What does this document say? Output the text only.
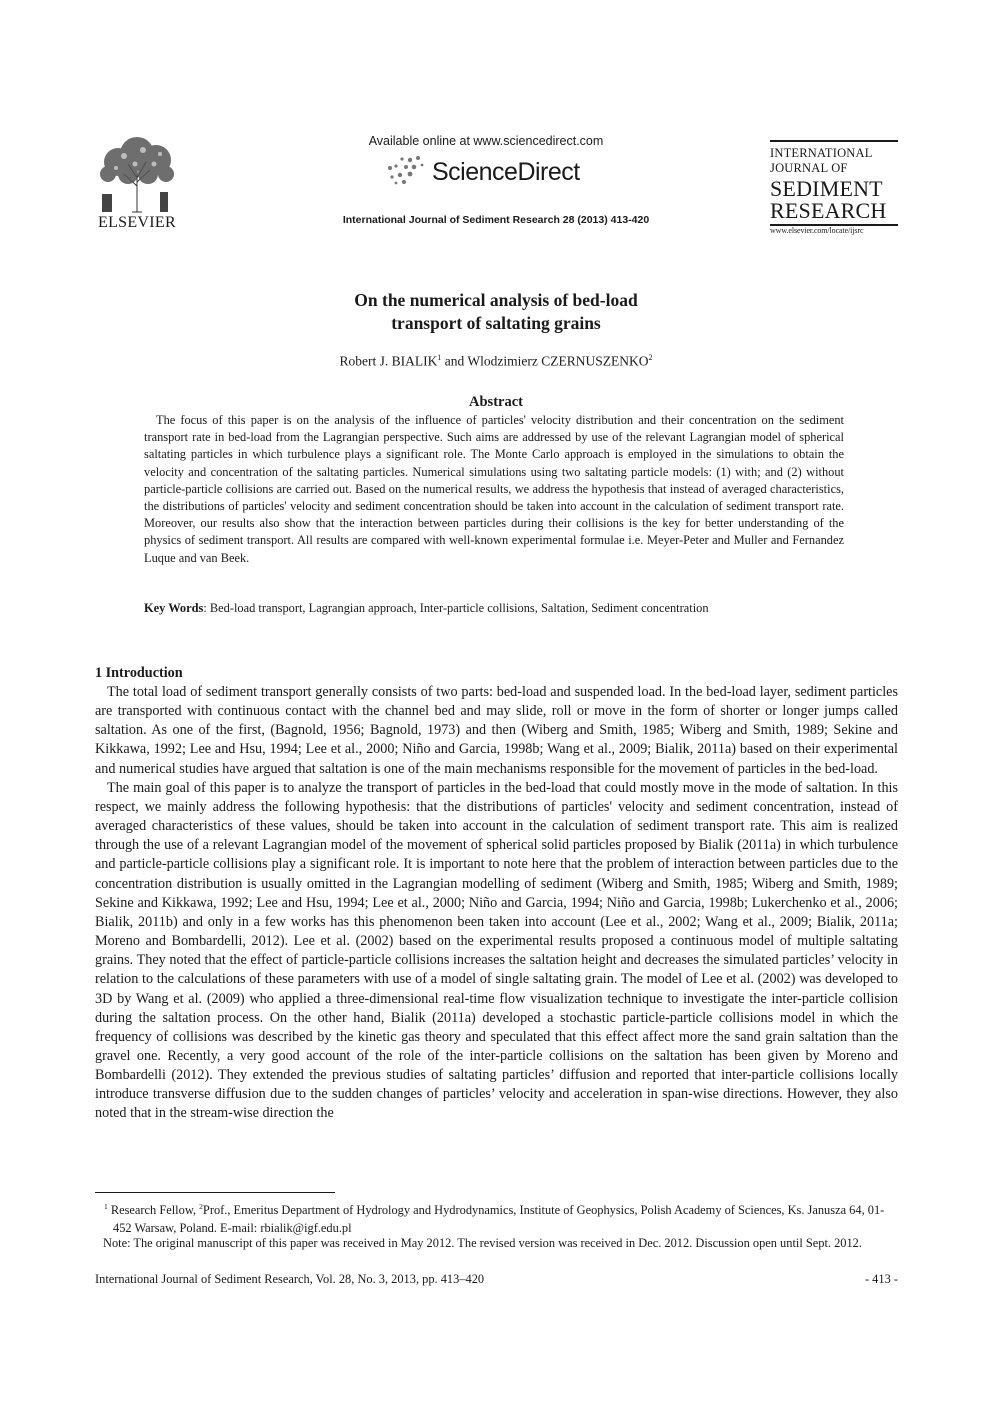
ELSEVIER
Available online at www.sciencedirect.com
ScienceDirect
International Journal of Sediment Research 28 (2013) 413-420
INTERNATIONAL
JOURNAL OF
SEDIMENT
RESEARCH
www.elsevier.com/locate/ijsrc
On the numerical analysis of bed-load
transport of saltating grains
Robert J. BIALIK$^1$ and Wlodzimierz CZERNUSZENKO$^2$
Abstract
The focus of this paper is on the analysis of the influence of particles' velocity distribution and their concentration on the sediment transport rate in bed-load from the Lagrangian perspective. Such aims are addressed by use of the relevant Lagrangian model of spherical saltating particles in which turbulence plays a significant role. The Monte Carlo approach is employed in the simulations to obtain the velocity and concentration of the saltating particles. Numerical simulations using two saltating particle models: (1) with; and (2) without particle-particle collisions are carried out. Based on the numerical results, we address the hypothesis that instead of averaged characteristics, the distributions of particles' velocity and sediment concentration should be taken into account in the calculation of sediment transport rate. Moreover, our results also show that the interaction between particles during their collisions is the key for better understanding of the physics of sediment transport. All results are compared with well-known experimental formulae i.e. Meyer-Peter and Muller and Fernandez Luque and van Beek.
Key Words: Bed-load transport, Lagrangian approach, Inter-particle collisions, Saltation, Sediment concentration
1 Introduction

The total load of sediment transport generally consists of two parts: bed-load and suspended load. In the bed-load layer, sediment particles are transported with continuous contact with the channel bed and may slide, roll or move in the form of shorter or longer jumps called saltation. As one of the first, (Bagnold, 1956; Bagnold, 1973) and then (Wiberg and Smith, 1985; Wiberg and Smith, 1989; Sekine and Kikkawa, 1992; Lee and Hsu, 1994; Lee et al., 2000; Niño and Garcia, 1998b; Wang et al., 2009; Bialik, 2011a) based on their experimental and numerical studies have argued that saltation is one of the main mechanisms responsible for the movement of particles in the bed-load.

The main goal of this paper is to analyze the transport of particles in the bed-load that could mostly move in the mode of saltation. In this respect, we mainly address the following hypothesis: that the distributions of particles' velocity and sediment concentration, instead of averaged characteristics of these values, should be taken into account in the calculation of sediment transport rate. This aim is realized through the use of a relevant Lagrangian model of the movement of spherical solid particles proposed by Bialik (2011a) in which turbulence and particle-particle collisions play a significant role. It is important to note here that the problem of interaction between particles due to the concentration distribution is usually omitted in the Lagrangian modelling of sediment (Wiberg and Smith, 1985; Wiberg and Smith, 1989; Sekine and Kikkawa, 1992; Lee and Hsu, 1994; Lee et al., 2000; Niño and Garcia, 1994; Niño and Garcia, 1998b; Lukerchenko et al., 2006; Bialik, 2011b) and only in a few works has this phenomenon been taken into account (Lee et al., 2002; Wang et al., 2009; Bialik, 2011a; Moreno and Bombardelli, 2012). Lee et al. (2002) based on the experimental results proposed a continuous model of multiple saltating grains. They noted that the effect of particle-particle collisions increases the saltation height and decreases the simulated particles’ velocity in relation to the calculations of these parameters with use of a model of single saltating grain. The model of Lee et al. (2002) was developed to 3D by Wang et al. (2009) who applied a three-dimensional real-time flow visualization technique to investigate the inter-particle collision during the saltation process. On the other hand, Bialik (2011a) developed a stochastic particle-particle collisions model in which the frequency of collisions was described by the kinetic gas theory and speculated that this effect affect more the sand grain saltation than the gravel one. Recently, a very good account of the role of the inter-particle collisions on the saltation has been given by Moreno and Bombardelli (2012). They extended the previous studies of saltating particles’ diffusion and reported that inter-particle collisions locally introduce transverse diffusion due to the sudden changes of particles’ velocity and acceleration in span-wise directions. However, they also noted that in the stream-wise direction the

$^1$ Research Fellow, $^2$Prof., Emeritus Department of Hydrology and Hydrodynamics, Institute of Geophysics, Polish Academy of Sciences, Ks. Janusza 64, 01-452 Warsaw, Poland. E-mail: rbialik@igf.edu.pl
Note: The original manuscript of this paper was received in May 2012. The revised version was received in Dec. 2012. Discussion open until Sept. 2012.
International Journal of Sediment Research, Vol. 28, No. 3, 2013, pp. 413–420	- 413 -
